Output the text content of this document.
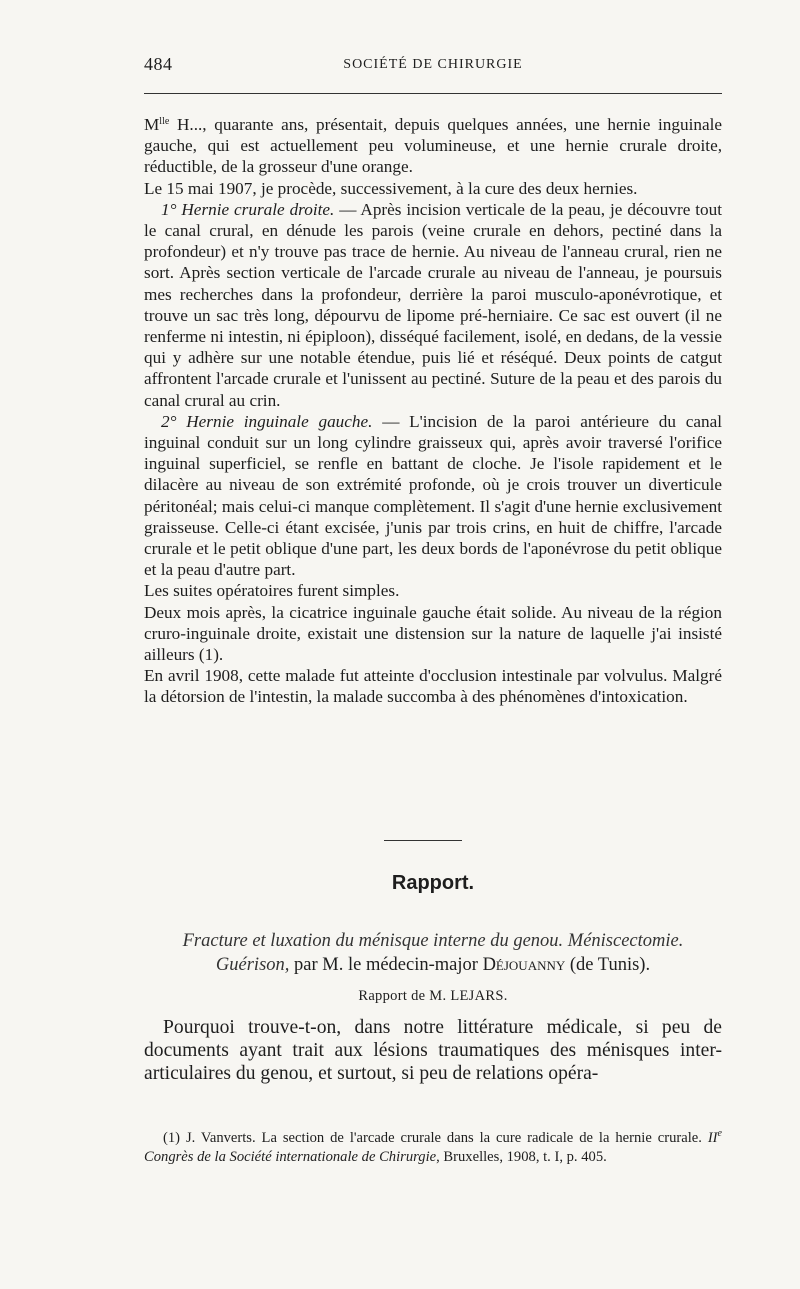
484	SOCIÉTÉ DE CHIRURGIE

$M^{lle}$ H..., quarante ans, présentait, depuis quelques années, une hernie inguinale gauche, qui est actuellement peu volumineuse, et une hernie crurale droite, réductible, de la grosseur d'une orange.

Le 15 mai 1907, je procède, successivement, à la cure des deux hernies.

1° Hernie crurale droite. — Après incision verticale de la peau, je découvre tout le canal crural, en dénude les parois (veine crurale en dehors, pectiné dans la profondeur) et n'y trouve pas trace de hernie. Au niveau de l'anneau crural, rien ne sort. Après section verticale de l'arcade crurale au niveau de l'anneau, je poursuis mes recherches dans la profondeur, derrière la paroi musculo-aponévrotique, et trouve un sac très long, dépourvu de lipome pré-herniaire. Ce sac est ouvert (il ne renferme ni intestin, ni épiploon), disséqué facilement, isolé, en dedans, de la vessie qui y adhère sur une notable étendue, puis lié et réséqué. Deux points de catgut affrontent l'arcade crurale et l'unissent au pectiné. Suture de la peau et des parois du canal crural au crin.

2° Hernie inguinale gauche. — L'incision de la paroi antérieure du canal inguinal conduit sur un long cylindre graisseux qui, après avoir traversé l'orifice inguinal superficiel, se renfle en battant de cloche. Je l'isole rapidement et le dilacère au niveau de son extrémité profonde, où je crois trouver un diverticule péritonéal; mais celui-ci manque complètement. Il s'agit d'une hernie exclusivement graisseuse. Celle-ci étant excisée, j'unis par trois crins, en huit de chiffre, l'arcade crurale et le petit oblique d'une part, les deux bords de l'aponévrose du petit oblique et la peau d'autre part.

Les suites opératoires furent simples.

Deux mois après, la cicatrice inguinale gauche était solide. Au niveau de la région cruro-inguinale droite, existait une distension sur la nature de laquelle j'ai insisté ailleurs (1).

En avril 1908, cette malade fut atteinte d'occlusion intestinale par volvulus. Malgré la détorsion de l'intestin, la malade succomba à des phénomènes d'intoxication.

Rapport.
Fracture et luxation du ménisque interne du genou. Méniscectomie. Guérison, par M. le médecin-major Déjouanny (de Tunis).
Rapport de M. LEJARS.

Pourquoi trouve-t-on, dans notre littérature médicale, si peu de documents ayant trait aux lésions traumatiques des ménisques inter-articulaires du genou, et surtout, si peu de relations opéra-

(1) J. Vanverts. La section de l'arcade crurale dans la cure radicale de la hernie crurale. IIe Congrès de la Société internationale de Chirurgie, Bruxelles, 1908, t. I, p. 405.
